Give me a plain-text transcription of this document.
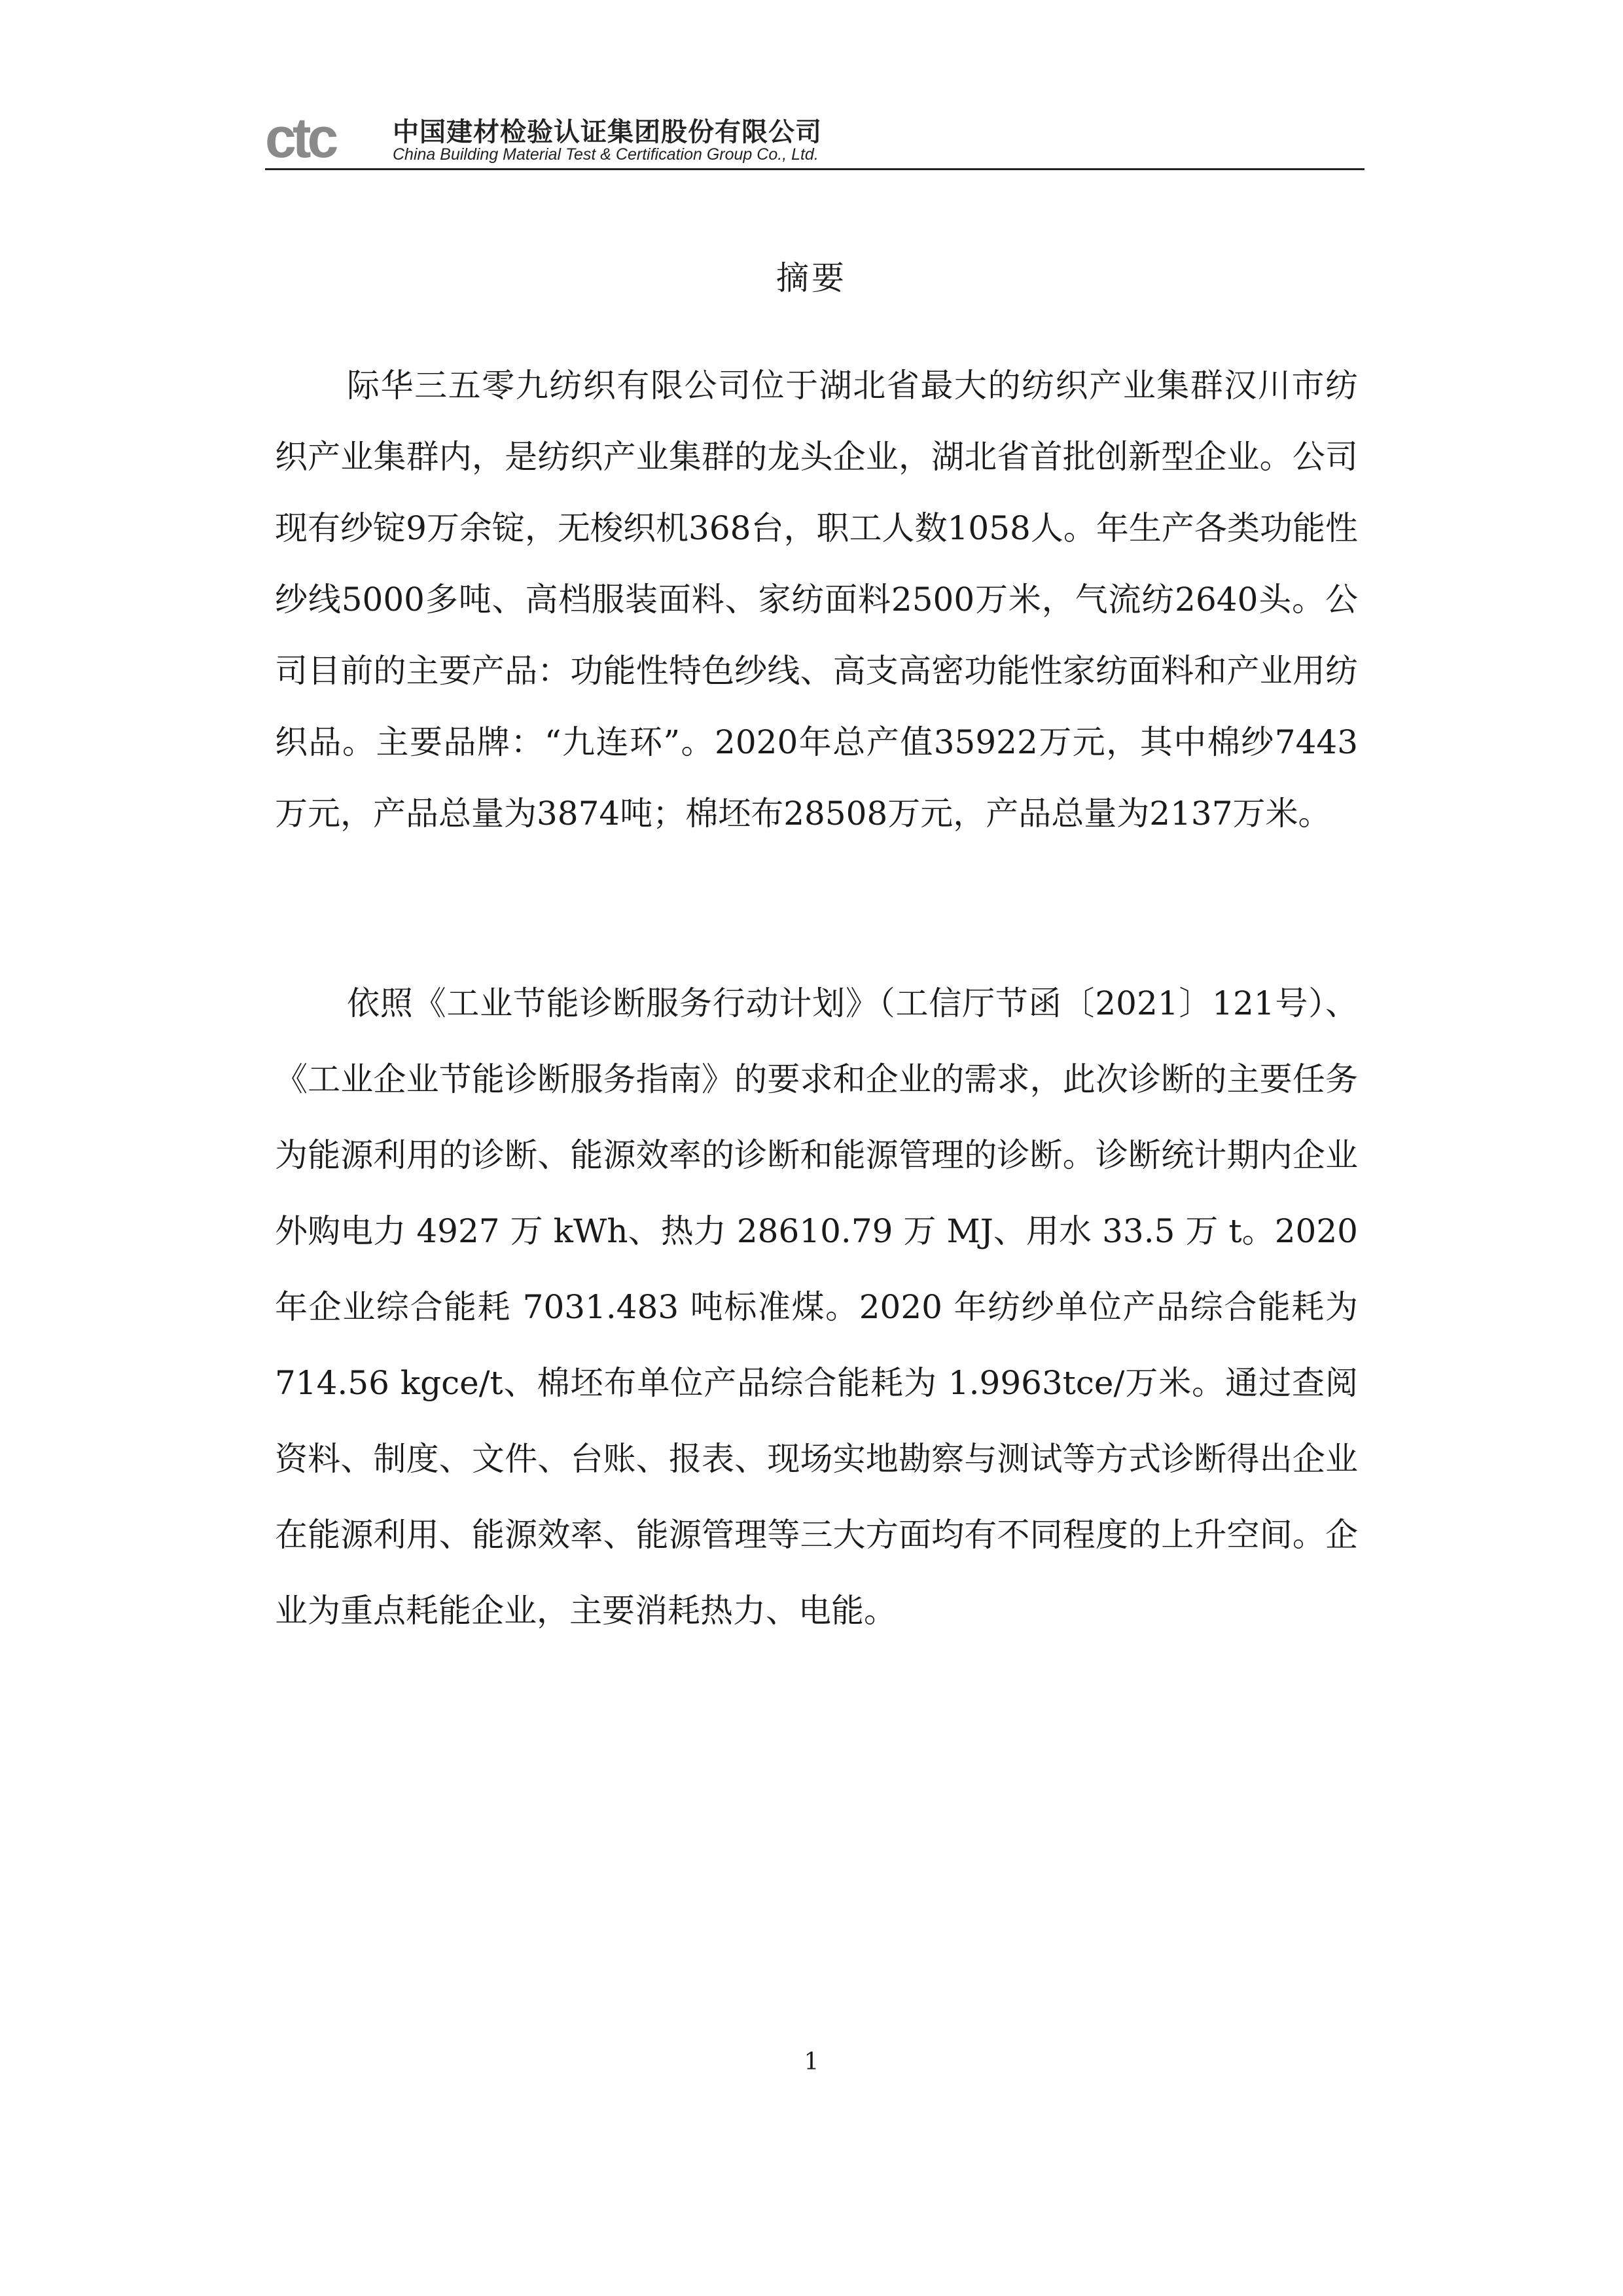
ctc 中国建材检验认证集团股份有限公司
China Building Material Test & Certification Group Co., Ltd.
摘要

际华三五零九纺织有限公司位于湖北省最大的纺织产业集群汉川市纺织产业集群内，是纺织产业集群的龙头企业，湖北省首批创新型企业。公司现有纱锭9万余锭，无梭织机368台，职工人数1058人。年生产各类功能性纱线5000多吨、高档服装面料、家纺面料2500万米，气流纺2640头。公司目前的主要产品：功能性特色纱线、高支高密功能性家纺面料和产业用纺织品。主要品牌：“九连环”。2020年总产值35922万元，其中棉纱7443万元，产品总量为3874吨；棉坯布28508万元，产品总量为2137万米。

依照《工业节能诊断服务行动计划》（工信厅节函〔2021〕121号）、《工业企业节能诊断服务指南》的要求和企业的需求，此次诊断的主要任务为能源利用的诊断、能源效率的诊断和能源管理的诊断。诊断统计期内企业外购电力 4927 万 kWh、热力 28610.79 万 MJ、用水 33.5 万 t。2020 年企业综合能耗 7031.483 吨标准煤。2020 年纺纱单位产品综合能耗为 714.56 kgce/t、棉坯布单位产品综合能耗为 1.9963tce/万米。通过查阅资料、制度、文件、台账、报表、现场实地勘察与测试等方式诊断得出企业在能源利用、能源效率、能源管理等三大方面均有不同程度的上升空间。企业为重点耗能企业，主要消耗热力、电能。

1
